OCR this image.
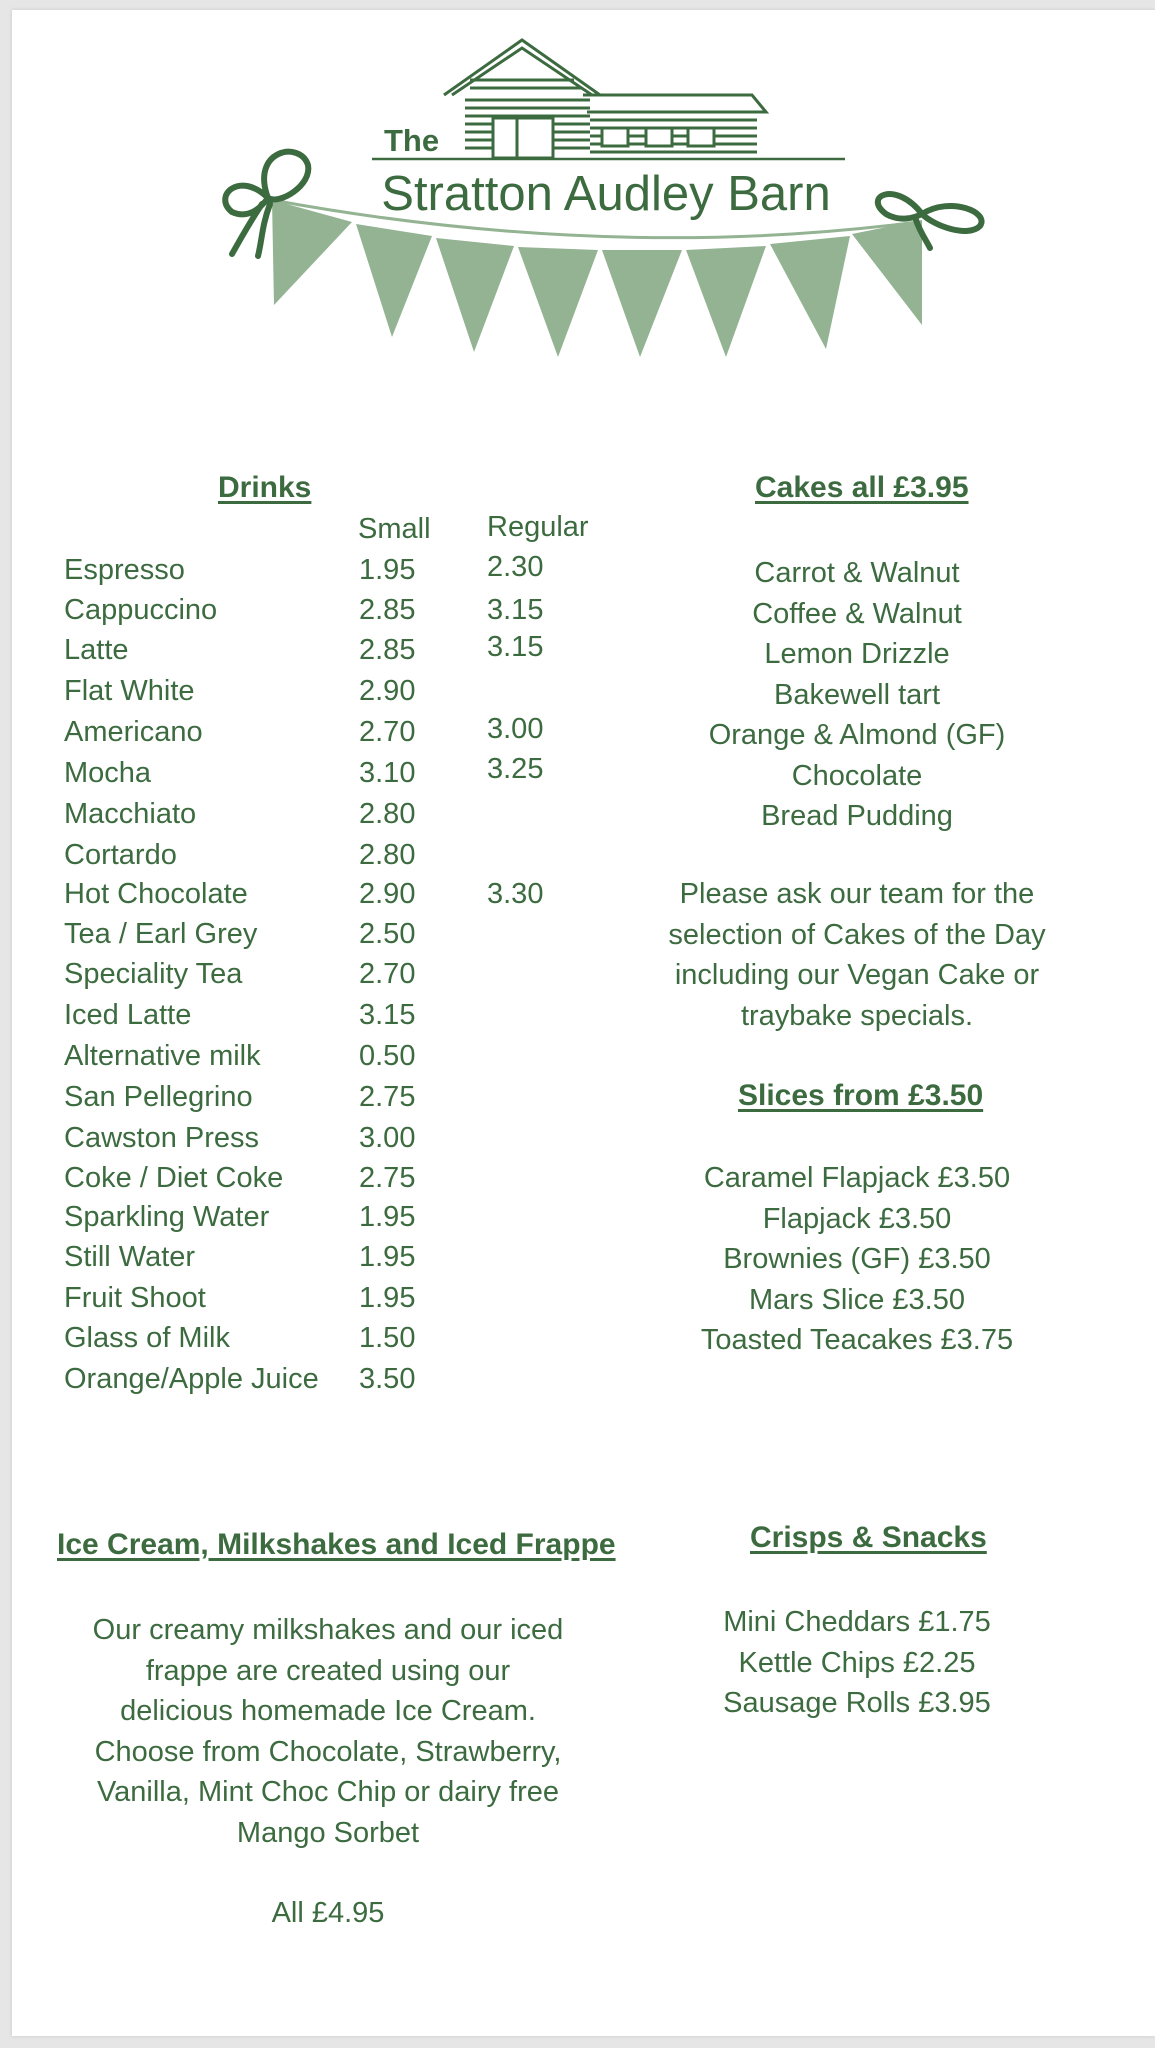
The
Stratton Audley Barn
Drinks
Small Regular
Espresso	1.95 2.30
Cappuccino	2.85 3.15
Latte	2.85 3.15
Flat White	2.90
Americano	2.70 3.00
Mocha	3.10 3.25
Macchiato	2.80
Cortardo	2.80
Hot Chocolate	2.90 3.30
Tea / Earl Grey	2.50
Speciality Tea	2.70
Iced Latte	3.15
Alternative milk	0.50
San Pellegrino	2.75
Cawston Press	3.00
Coke / Diet Coke	2.75
Sparkling Water	1.95
Still Water	1.95
Fruit Shoot	1.95
Glass of Milk	1.50
Orange/Apple Juice 3.50
Cakes all £3.95
Carrot & Walnut
Coffee & Walnut
Lemon Drizzle
Bakewell tart
Orange & Almond (GF)
Chocolate
Bread Pudding
Please ask our team for the
selection of Cakes of the Day
including our Vegan Cake or
traybake specials.
Slices from £3.50
Caramel Flapjack £3.50
Flapjack £3.50
Brownies (GF) £3.50
Mars Slice £3.50
Toasted Teacakes £3.75
Ice Cream, Milkshakes and Iced Frappe
Our creamy milkshakes and our iced
frappe are created using our
delicious homemade Ice Cream.
Choose from Chocolate, Strawberry,
Vanilla, Mint Choc Chip or dairy free
Mango Sorbet
All £4.95
Crisps & Snacks
Mini Cheddars £1.75
Kettle Chips £2.25
Sausage Rolls £3.95
